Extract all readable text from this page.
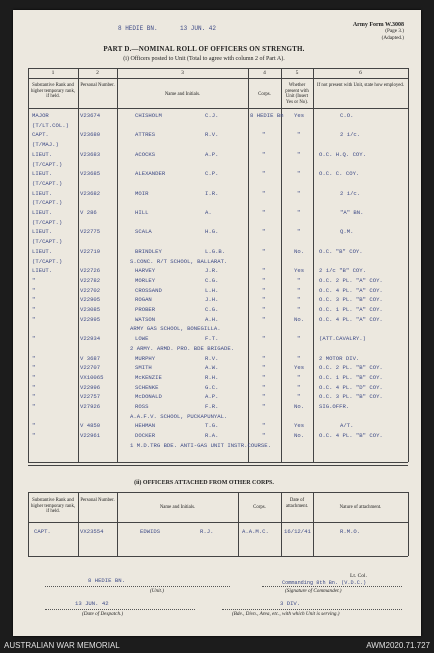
8 HEDIE BN.	13 JUN. 42	Army Form W.3008
(Page 3.)
(Adapted.)
PART D.—NOMINAL ROLL OF OFFICERS ON STRENGTH.
(i) Officers posted to Unit (Total to agree with column 2 of Part A).
(ii) OFFICERS ATTACHED FROM OTHER CORPS.
8 HEDIE BN.
(Unit.)
Lt. Col.
Commanding 8th Bn. (V.D.C.)
(Signature of Commander.)
13 JUN. 42
(Date of Despatch.)
3 DIV.
(Bde., Divn., Area, etc., with which Unit is serving.)
AUSTRALIAN WAR MEMORIAL	AWM2020.71.727
1	2	3	4	5	6
Substantive Rank and higher temporary rank, if held.
Personal Number.
Name and Initials.	Corps.
Whether present with Unit (Insert Yes or No).
If not present with Unit, state how employed.
MAJOR	V23674	CHISHOLM	C.J.	8 HEDIE Bn Yes	C.O.
(T/LT.COL.)
CAPT.	V23680	ATTRES	R.V.	"	"	2 i/c.
(T/MAJ.)
LIEUT.	V23683	ACOCKS	A.P.	"	"	O.C. H.Q. COY.
(T/CAPT.)
LIEUT.	V23685	ALEXANDER	C.P.	"	"	O.C. C. COY.
(T/CAPT.)
LIEUT.	V23682	MOIR	I.R.	"	"	2 i/c.
(T/CAPT.)
LIEUT.	V 286	HILL	A.	"	"	"A" BN.
(T/CAPT.)
LIEUT.	V22775	SCALA	H.G.	"	"	Q.M.
(T/CAPT.)
LIEUT.	V22719	BRINDLEY	L.G.B.	"	No.	O.C. "B" COY.
(T/CAPT.)	S.CONC. R/T SCHOOL, BALLARAT.
LIEUT.	V22726	HARVEY	J.R.	"	Yes	2 i/c "B" COY.
"	V22782	MORLEY	C.G.	"	"	O.C. 2 PL. "A" COY.
"	V22702	CROSSAND	L.H.	"	"	O.C. 4 PL. "A" COY.
"	V22905	ROGAN	J.H.	"	"	O.C. 3 PL. "B" COY.
"	V23085	PROBER	C.G.	"	"	O.C. 1 PL. "A" COY.
"	V22995	WATSON	A.H.	"	No.	O.C. 4 PL. "A" COY.
ARMY GAS SCHOOL, BONEGILLA.
"	V22934	LOWE	F.T.	"	"	(ATT.CAVALRY.)
2 ARMY. ARMD. PRO. BDE BRIGADE.
"	V 3687	MURPHY	R.V.	"	"	2 MOTOR DIV.
"	V22707	SMITH	A.W.	"	Yes	O.C. 2 PL. "B" COY.
"	VX10065	McKENZIE	R.H.	"	"	O.C. 1 PL. "B" COY.
"	V22996	SCHENKE	G.C.	"	"	O.C. 4 PL. "D" COY.
"	V22757	McDONALD	A.P.	"	"	O.C. 3 PL. "B" COY.
"	V27926	ROSS	F.R.	"	No.	SIG.OFFR.
A.A.F.V. SCHOOL, PUCKAPUNYAL.
"	V 4850	HEHMAN	T.G.	"	Yes	A/T.
"	V22961	DOCKER	R.A.	"	No.	O.C. 4 PL. "B" COY.
1 M.D.TRG BDE. ANTI-GAS UNIT INSTR.COURSE.
Substantive Rank and higher temporary rank, if held.
Personal Number.
Name and Initials.	Corps.
Date of attachment.	Nature of attachment.
CAPT.	VX23554	EDWIDS	R.J.	A.A.M.C.	16/12/41	R.M.O.
